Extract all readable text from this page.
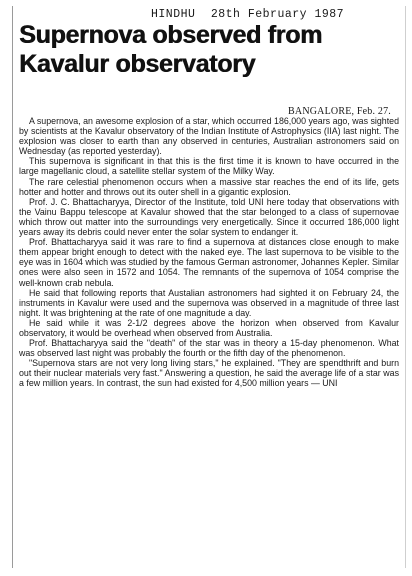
HINDHU 28th February 1987
Supernova observed from
Kavalur observatory
BANGALORE, Feb. 27.

A supernova, an awesome explosion of a star, which occurred 186,000 years ago, was sighted by scientists at the Kavalur observatory of the Indian Institute of Astrophysics (IIA) last night. The explosion was closer to earth than any observed in centuries, Australian astronomers said on Wednesday (as reported yesterday).

This supernova is significant in that this is the first time it is known to have occurred in the large magellanic cloud, a satellite stellar system of the Milky Way.

The rare celestial phenomenon occurs when a massive star reaches the end of its life, gets hotter and hotter and throws out its outer shell in a gigantic explosion.

Prof. J. C. Bhattacharyya, Director of the Institute, told UNI here today that observations with the Vainu Bappu telescope at Kavalur showed that the star belonged to a class of supernovae which throw out matter into the surroundings very energetically. Since it occurred 186,000 light years away its debris could never enter the solar system to endanger it.

Prof. Bhattacharyya said it was rare to find a supernova at distances close enough to make them appear bright enough to detect with the naked eye. The last supernova to be visible to the eye was in 1604 which was studied by the famous German astronomer, Johannes Kepler. Similar ones were also seen in 1572 and 1054. The remnants of the supernova of 1054 comprise the well-known crab nebula.

He said that following reports that Austalian astronomers had sighted it on February 24, the instruments in Kavalur were used and the supernova was observed in a magnitude of three last night. It was brightening at the rate of one magnitude a day.

He said while it was 2-1/2 degrees above the horizon when observed from Kavalur observatory, it would be overhead when observed from Australia.

Prof. Bhattacharyya said the "death" of the star was in theory a 15-day phenomenon. What was observed last night was probably the fourth or the fifth day of the phenomenon.

"Supernova stars are not very long living stars," he explained. "They are spendthrift and burn out their nuclear materials very fast." Answering a question, he said the average life of a star was a few million years. In contrast, the sun had existed for 4,500 million years — UNI
